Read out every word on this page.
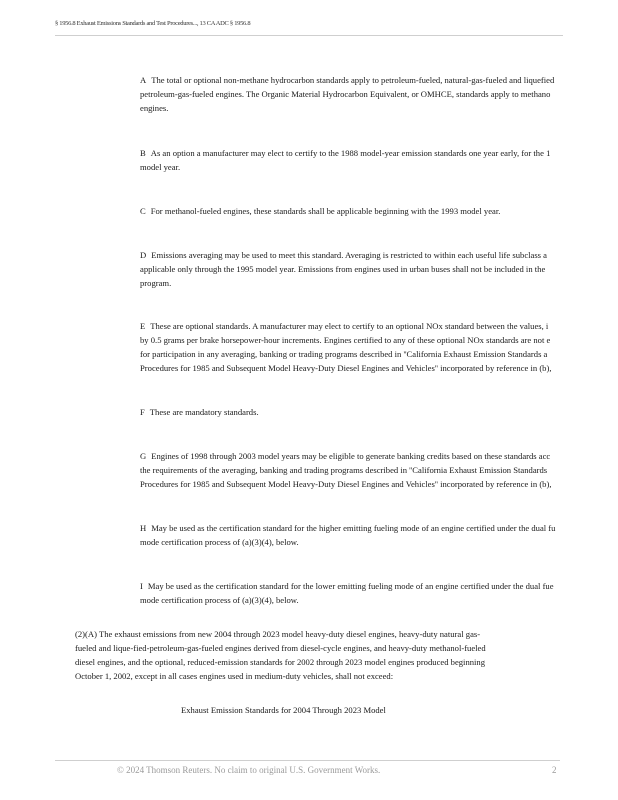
§ 1956.8 Exhaust Emissions Standards and Test Procedures..., 13 CA ADC § 1956.8
A The total or optional non-methane hydrocarbon standards apply to petroleum-fueled, natural-gas-fueled and liquefied
petroleum-gas-fueled engines. The Organic Material Hydrocarbon Equivalent, or OMHCE, standards apply to methano
engines.
B As an option a manufacturer may elect to certify to the 1988 model-year emission standards one year early, for the 1
model year.
C For methanol-fueled engines, these standards shall be applicable beginning with the 1993 model year.
D Emissions averaging may be used to meet this standard. Averaging is restricted to within each useful life subclass a
applicable only through the 1995 model year. Emissions from engines used in urban buses shall not be included in the
program.
E These are optional standards. A manufacturer may elect to certify to an optional NOx standard between the values, i
by 0.5 grams per brake horsepower-hour increments. Engines certified to any of these optional NOx standards are not e
for participation in any averaging, banking or trading programs described in ''California Exhaust Emission Standards a
Procedures for 1985 and Subsequent Model Heavy-Duty Diesel Engines and Vehicles'' incorporated by reference in (b),
F These are mandatory standards.
G Engines of 1998 through 2003 model years may be eligible to generate banking credits based on these standards acc
the requirements of the averaging, banking and trading programs described in ''California Exhaust Emission Standards
Procedures for 1985 and Subsequent Model Heavy-Duty Diesel Engines and Vehicles'' incorporated by reference in (b),
H May be used as the certification standard for the higher emitting fueling mode of an engine certified under the dual fu
mode certification process of (a)(3)(4), below.
I May be used as the certification standard for the lower emitting fueling mode of an engine certified under the dual fue
mode certification process of (a)(3)(4), below.
(2)(A) The exhaust emissions from new 2004 through 2023 model heavy-duty diesel engines, heavy-duty natural gas-
fueled and lique-fied-petroleum-gas-fueled engines derived from diesel-cycle engines, and heavy-duty methanol-fueled
diesel engines, and the optional, reduced-emission standards for 2002 through 2023 model engines produced beginning
October 1, 2002, except in all cases engines used in medium-duty vehicles, shall not exceed:
Exhaust Emission Standards for 2004 Through 2023 Model
© 2024 Thomson Reuters. No claim to original U.S. Government Works.	2
